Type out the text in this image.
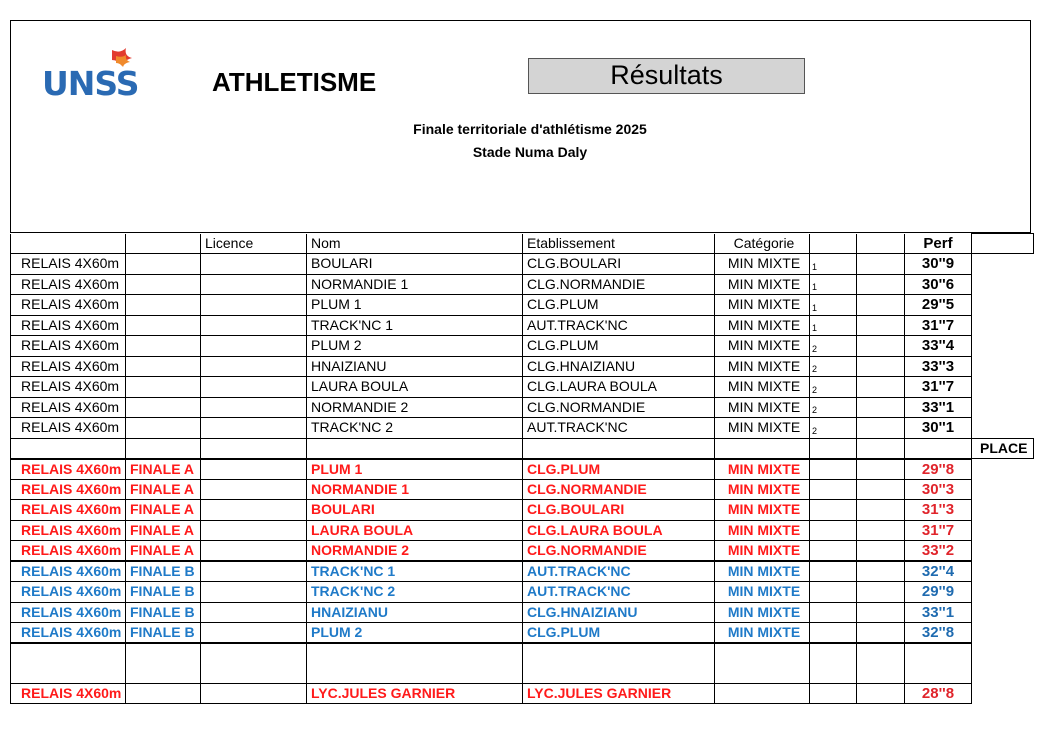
UNSS	ATHLETISME	Résultats
Finale territoriale d'athlétisme 2025
Stade Numa Daly
		Licence	Nom	Etablissement	Catégorie			Perf	
RELAIS 4X60m			BOULARI	CLG.BOULARI	MIN MIXTE	1		30''9	
RELAIS 4X60m			NORMANDIE 1	CLG.NORMANDIE	MIN MIXTE	1		30''6	
RELAIS 4X60m			PLUM 1	CLG.PLUM	MIN MIXTE	1		29''5	
RELAIS 4X60m			TRACK'NC 1	AUT.TRACK'NC	MIN MIXTE	1		31''7	
RELAIS 4X60m			PLUM 2	CLG.PLUM	MIN MIXTE	2		33''4	
RELAIS 4X60m			HNAIZIANU	CLG.HNAIZIANU	MIN MIXTE	2		33''3	
RELAIS 4X60m			LAURA BOULA	CLG.LAURA BOULA	MIN MIXTE	2		31''7	
RELAIS 4X60m			NORMANDIE 2	CLG.NORMANDIE	MIN MIXTE	2		33''1	
RELAIS 4X60m			TRACK'NC 2	AUT.TRACK'NC	MIN MIXTE	2		30''1	
									PLACE
RELAIS 4X60m	FINALE A		PLUM 1	CLG.PLUM	MIN MIXTE			29''8	
RELAIS 4X60m	FINALE A		NORMANDIE 1	CLG.NORMANDIE	MIN MIXTE			30''3	
RELAIS 4X60m	FINALE A		BOULARI	CLG.BOULARI	MIN MIXTE			31''3	
RELAIS 4X60m	FINALE A		LAURA BOULA	CLG.LAURA BOULA	MIN MIXTE			31''7	
RELAIS 4X60m	FINALE A		NORMANDIE 2	CLG.NORMANDIE	MIN MIXTE			33''2	
RELAIS 4X60m	FINALE B		TRACK'NC 1	AUT.TRACK'NC	MIN MIXTE			32''4	
RELAIS 4X60m	FINALE B		TRACK'NC 2	AUT.TRACK'NC	MIN MIXTE			29''9	
RELAIS 4X60m	FINALE B		HNAIZIANU	CLG.HNAIZIANU	MIN MIXTE			33''1	
RELAIS 4X60m	FINALE B		PLUM 2	CLG.PLUM	MIN MIXTE			32''8	

RELAIS 4X60m			LYC.JULES GARNIER	LYC.JULES GARNIER				28''8	
